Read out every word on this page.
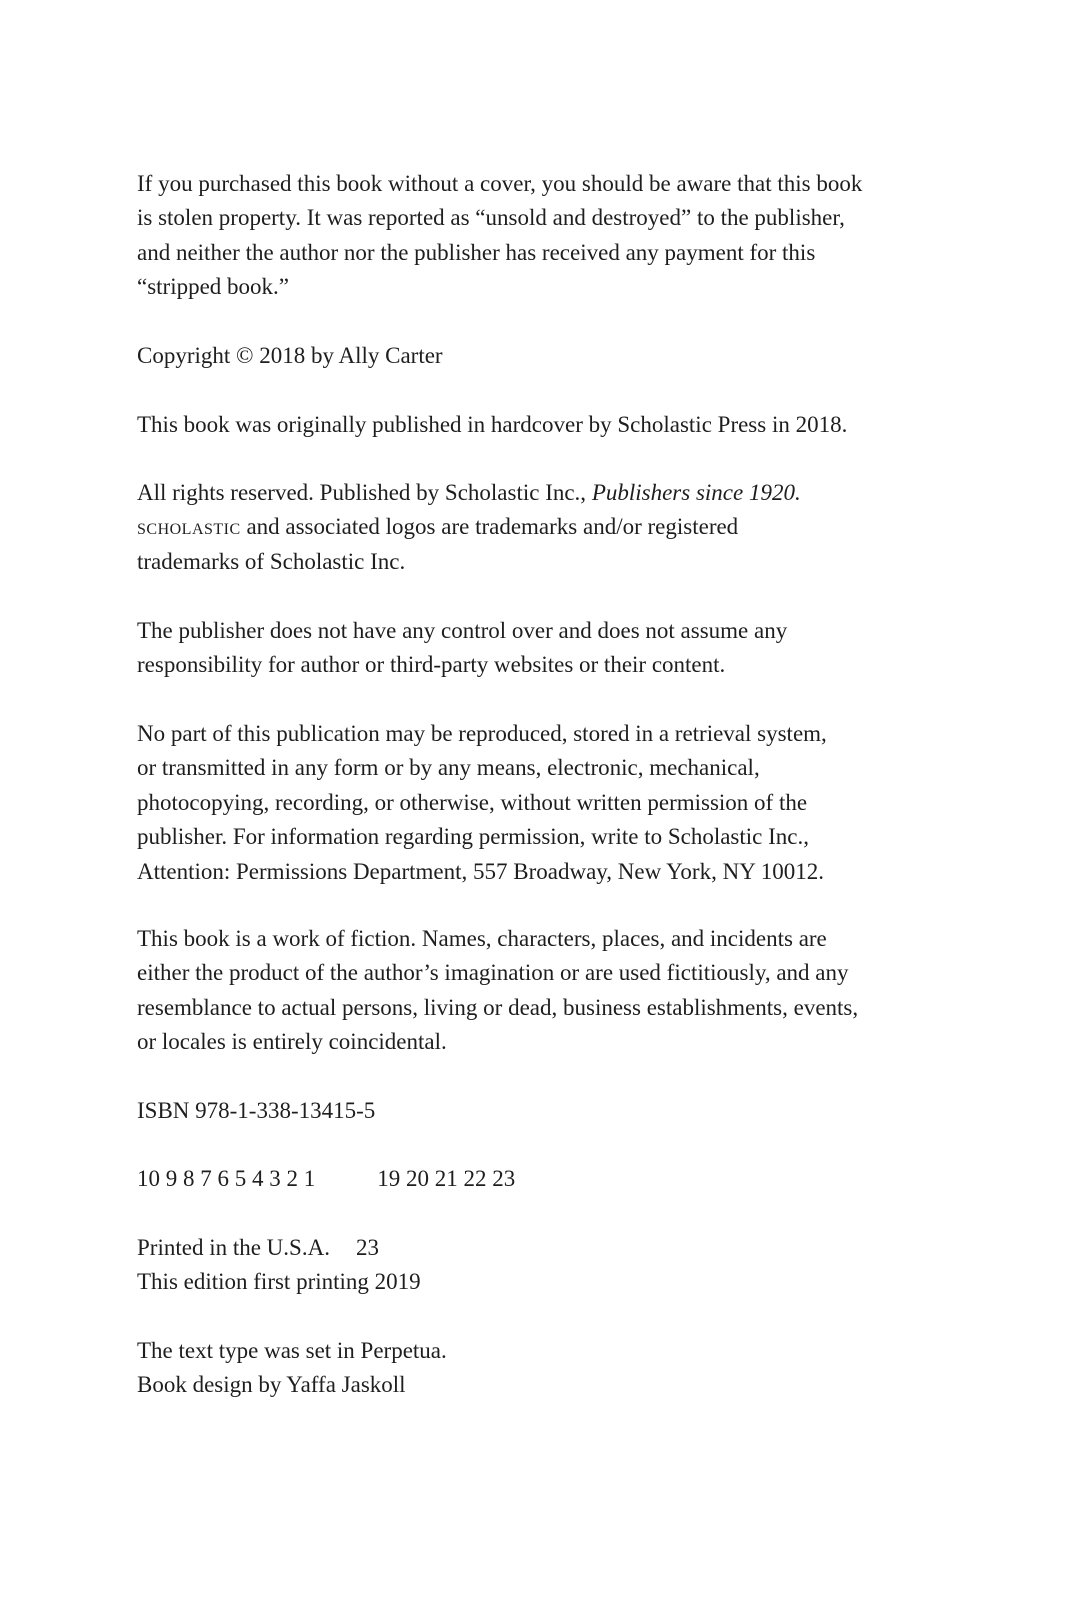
If you purchased this book without a cover, you should be aware that this book
is stolen property. It was reported as “unsold and destroyed” to the publisher,
and neither the author nor the publisher has received any payment for this
“stripped book.”

Copyright © 2018 by Ally Carter

This book was originally published in hardcover by Scholastic Press in 2018.

All rights reserved. Published by Scholastic Inc., Publishers since 1920.
scholastic and associated logos are trademarks and/or registered
trademarks of Scholastic Inc.

The publisher does not have any control over and does not assume any
responsibility for author or third-party websites or their content.

No part of this publication may be reproduced, stored in a retrieval system,
or transmitted in any form or by any means, electronic, mechanical,
photocopying, recording, or otherwise, without written permission of the
publisher. For information regarding permission, write to Scholastic Inc.,
Attention: Permissions Department, 557 Broadway, New York, NY 10012.

This book is a work of fiction. Names, characters, places, and incidents are
either the product of the author’s imagination or are used fictitiously, and any
resemblance to actual persons, living or dead, business establishments, events,
or locales is entirely coincidental.

ISBN 978-1-338-13415-5

10 9 8 7 6 5 4 3 2 1	19 20 21 22 23

Printed in the U.S.A. 23
This edition first printing 2019

The text type was set in Perpetua.
Book design by Yaffa Jaskoll
